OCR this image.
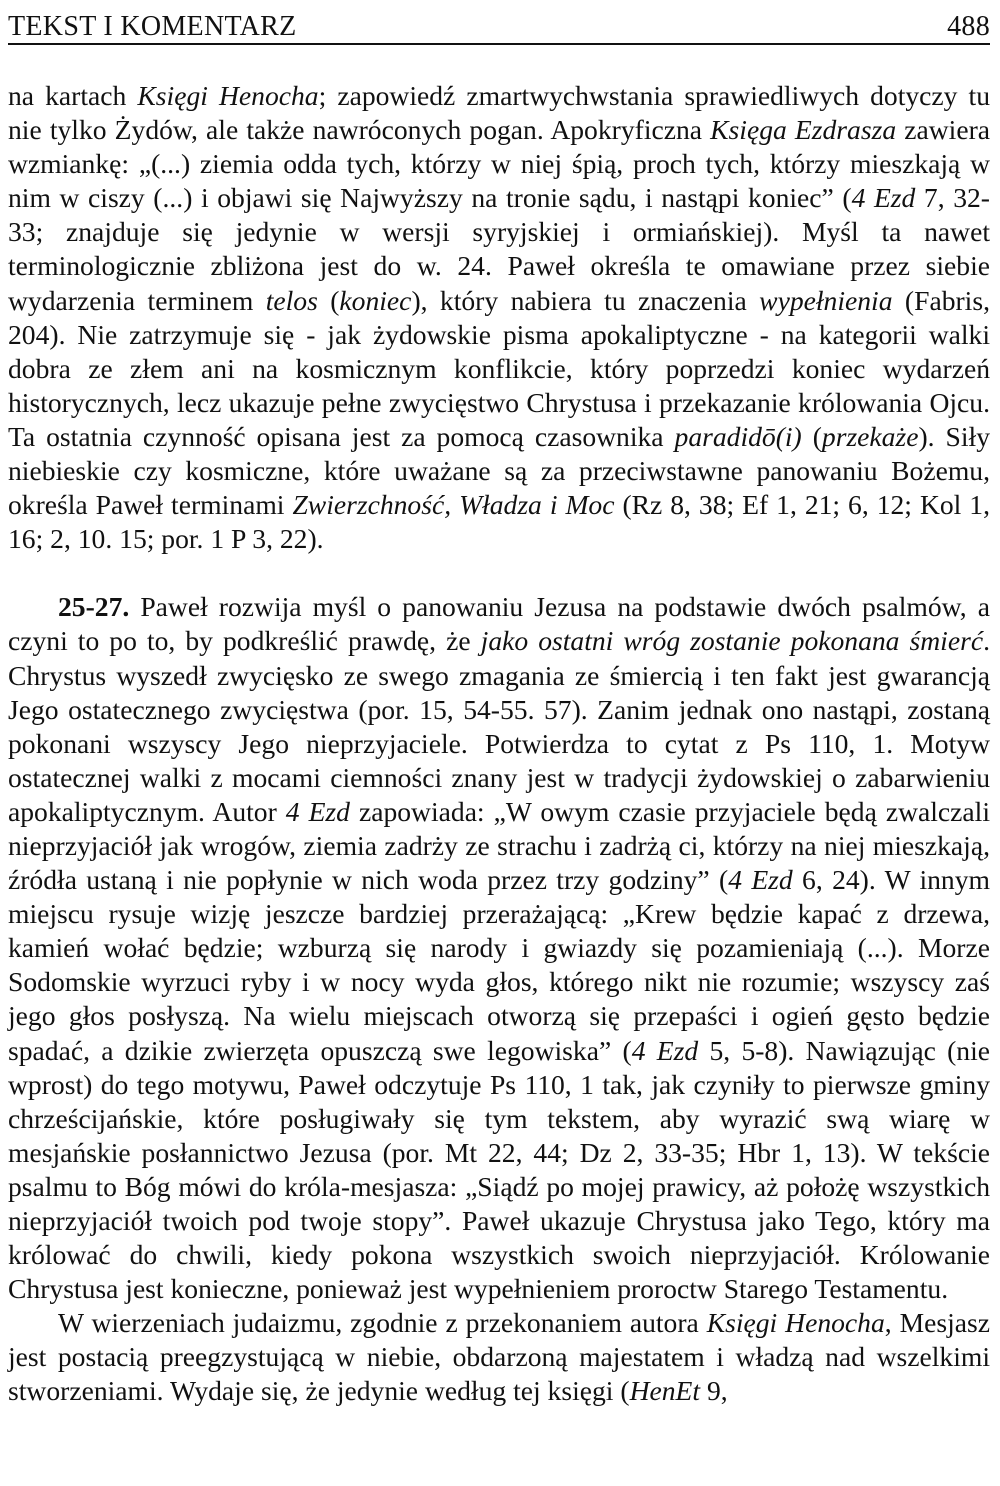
TEKST I KOMENTARZ	488

na kartach Księgi Henocha; zapowiedź zmartwychwstania sprawiedliwych dotyczy tu nie tylko Żydów, ale także nawróconych pogan. Apokryficzna Księga Ezdrasza zawiera wzmiankę: „(...) ziemia odda tych, którzy w niej śpią, proch tych, którzy mieszkają w nim w ciszy (...) i objawi się Najwyższy na tronie sądu, i nastąpi koniec” (4 Ezd 7, 32-33; znajduje się jedynie w wersji syryjskiej i ormiańskiej). Myśl ta nawet terminologicznie zbliżona jest do w. 24. Paweł określa te omawiane przez siebie wydarzenia terminem telos (koniec), który nabiera tu znaczenia wypełnienia (Fabris, 204). Nie zatrzymuje się - jak żydowskie pisma apokaliptyczne - na kategorii walki dobra ze złem ani na kosmicznym konflikcie, który poprzedzi koniec wydarzeń historycznych, lecz ukazuje pełne zwycięstwo Chrystusa i przekazanie królowania Ojcu. Ta ostatnia czynność opisana jest za pomocą czasownika paradidō(i) (przekaże). Siły niebieskie czy kosmiczne, które uważane są za przeciwstawne panowaniu Bożemu, określa Paweł terminami Zwierzchność, Władza i Moc (Rz 8, 38; Ef 1, 21; 6, 12; Kol 1, 16; 2, 10. 15; por. 1 P 3, 22).

25-27. Paweł rozwija myśl o panowaniu Jezusa na podstawie dwóch psalmów, a czyni to po to, by podkreślić prawdę, że jako ostatni wróg zostanie pokonana śmierć. Chrystus wyszedł zwycięsko ze swego zmagania ze śmiercią i ten fakt jest gwarancją Jego ostatecznego zwycięstwa (por. 15, 54-55. 57). Zanim jednak ono nastąpi, zostaną pokonani wszyscy Jego nieprzyjaciele. Potwierdza to cytat z Ps 110, 1. Motyw ostatecznej walki z mocami ciemności znany jest w tradycji żydowskiej o zabarwieniu apokaliptycznym. Autor 4 Ezd zapowiada: „W owym czasie przyjaciele będą zwalczali nieprzyjaciół jak wrogów, ziemia zadrży ze strachu i zadrżą ci, którzy na niej mieszkają, źródła ustaną i nie popłynie w nich woda przez trzy godziny” (4 Ezd 6, 24). W innym miejscu rysuje wizję jeszcze bardziej przerażającą: „Krew będzie kapać z drzewa, kamień wołać będzie; wzburzą się narody i gwiazdy się pozamieniają (...). Morze Sodomskie wyrzuci ryby i w nocy wyda głos, którego nikt nie rozumie; wszyscy zaś jego głos posłyszą. Na wielu miejscach otworzą się przepaści i ogień gęsto będzie spadać, a dzikie zwierzęta opuszczą swe legowiska” (4 Ezd 5, 5-8). Nawiązując (nie wprost) do tego motywu, Paweł odczytuje Ps 110, 1 tak, jak czyniły to pierwsze gminy chrześcijańskie, które posługiwały się tym tekstem, aby wyrazić swą wiarę w mesjańskie posłannictwo Jezusa (por. Mt 22, 44; Dz 2, 33-35; Hbr 1, 13). W tekście psalmu to Bóg mówi do króla-mesjasza: „Siądź po mojej prawicy, aż położę wszystkich nieprzyjaciół twoich pod twoje stopy”. Paweł ukazuje Chrystusa jako Tego, który ma królować do chwili, kiedy pokona wszystkich swoich nieprzyjaciół. Królowanie Chrystusa jest konieczne, ponieważ jest wypełnieniem proroctw Starego Testamentu.

W wierzeniach judaizmu, zgodnie z przekonaniem autora Księgi Henocha, Mesjasz jest postacią preegzystującą w niebie, obdarzoną majestatem i władzą nad wszelkimi stworzeniami. Wydaje się, że jedynie według tej księgi (HenEt 9,
